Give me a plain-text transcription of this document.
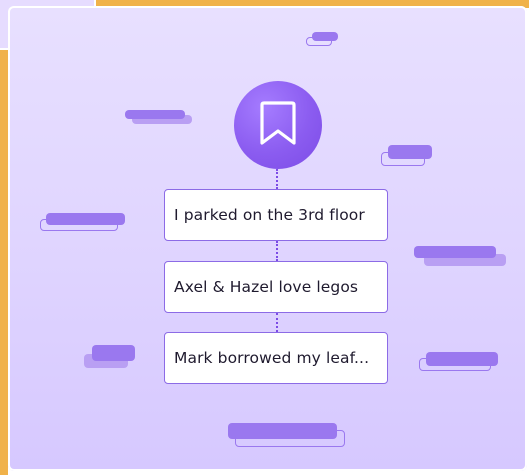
I parked on the 3rd floor
Axel & Hazel love legos
Mark borrowed my leaf...
